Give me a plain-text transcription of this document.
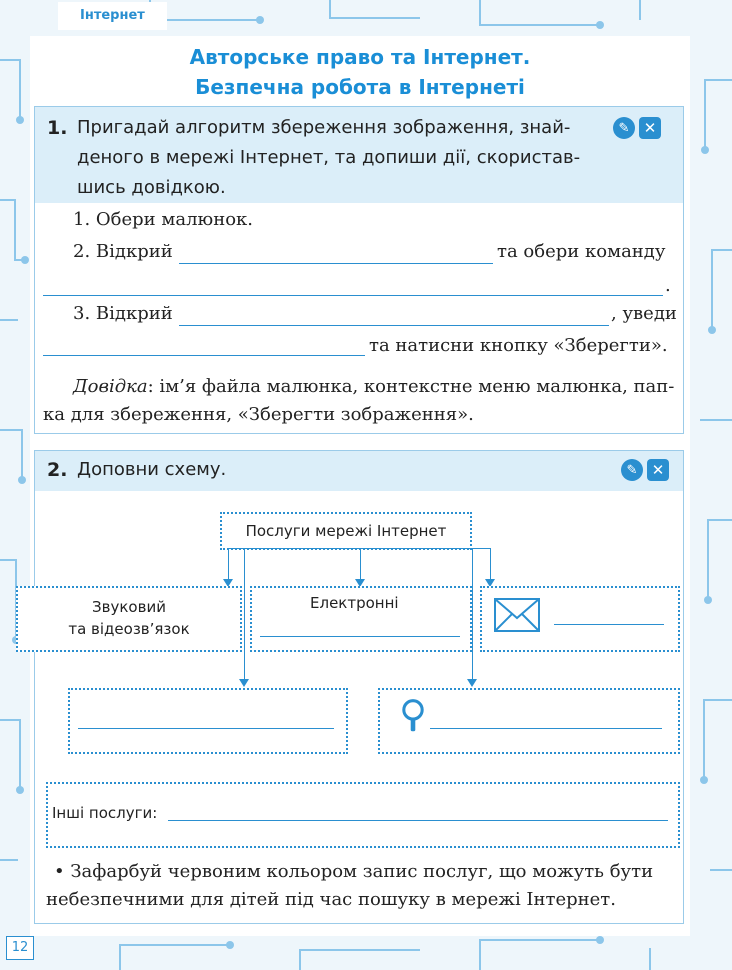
Інтернет
Авторське право та Інтернет.
Безпечна робота в Інтернеті
1. Пригадай алгоритм збереження зображення, знай-
деного в мережі Інтернет, та допиши дії, скористав-
шись довідкою.
✎ ✕
1. Обери малюнок.
2. Відкрий	та обери команду
.
3. Відкрий	, уведи
та натисни кнопку «Зберегти».
Довідка: ім’я файла малюнка, контекстне меню малюнка, пап-
ка для збереження, «Зберегти зображення».
2. Доповни схему.	✎ ✕
Послуги мережі Інтернет
Звуковий
та відеозв’язок
Електронні
Інші послуги:
• Зафарбуй червоним кольором запис послуг, що можуть бути
небезпечними для дітей під час пошуку в мережі Інтернет.
12
